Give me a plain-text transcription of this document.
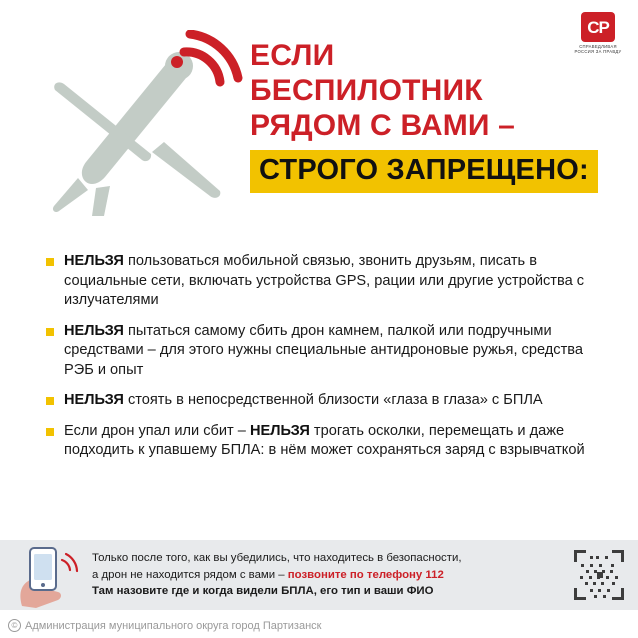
СР
СПРАВЕДЛИВАЯ РОССИЯ ЗА ПРАВДУ
ЕСЛИ
БЕСПИЛОТНИК
РЯДОМ С ВАМИ –
СТРОГО ЗАПРЕЩЕНО:
НЕЛЬЗЯ пользоваться мобильной связью, звонить друзьям, писать в социальные сети, включать устройства GPS, рации или другие устройства с излучателями
НЕЛЬЗЯ пытаться самому сбить дрон камнем, палкой или подручными средствами – для этого нужны специальные антидроновые ружья, средства РЭБ и опыт
НЕЛЬЗЯ стоять в непосредственной близости «глаза в глаза» с БПЛА
Если дрон упал или сбит – НЕЛЬЗЯ трогать осколки, перемещать и даже подходить к упавшему БПЛА: в нём может сохраняться заряд с взрывчаткой
Только после того, как вы убедились, что находитесь в безопасности,
а дрон не находится рядом с вами – позвоните по телефону 112
Там назовите где и когда видели БПЛА, его тип и ваши ФИО
© Администрация муниципального округа город Партизанск
